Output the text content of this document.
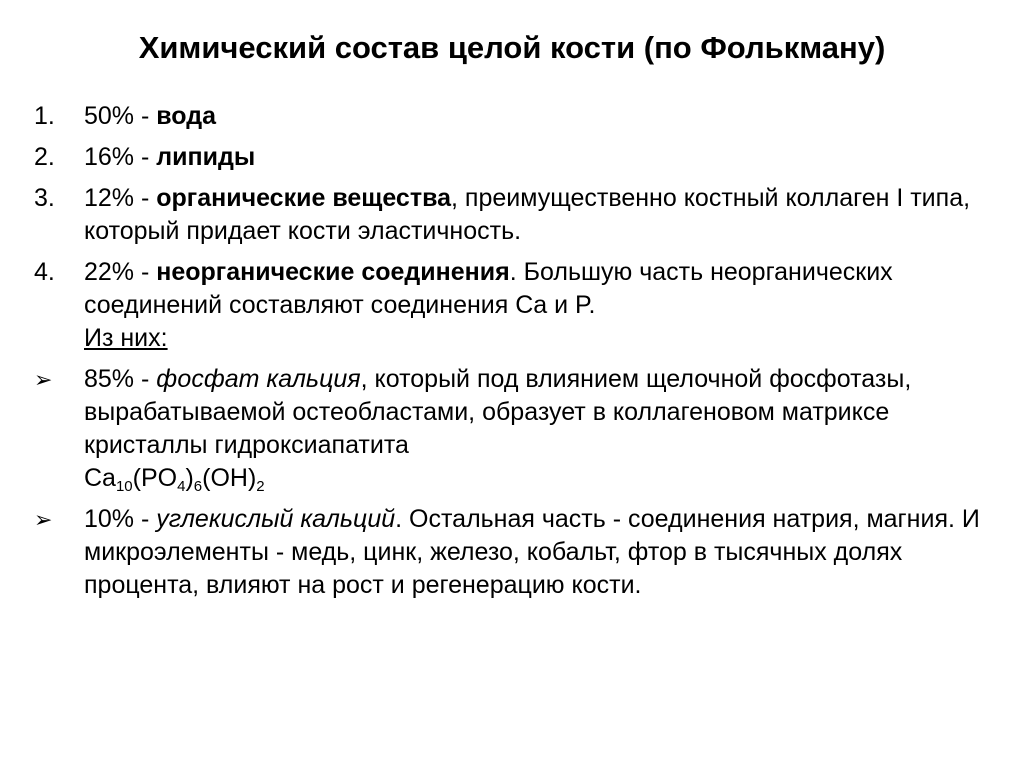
Химический состав целой кости (по Фолькману)
1. 50% - вода
2. 16% - липиды
3. 12% - органические вещества, преимущественно костный коллаген I типа, который придает кости эластичность.
4. 22% - неорганические соединения. Большую часть неорганических соединений составляют соединения Ca и P.
Из них:
➢ 85% - фосфат кальция, который под влиянием щелочной фосфотазы, вырабатываемой остеобластами, образует в коллагеновом матриксе кристаллы гидроксиапатита
$Ca_{10}(PO_4)_6(OH)_2$
➢ 10% - углекислый кальций. Остальная часть - соединения натрия, магния. И микроэлементы - медь, цинк, железо, кобальт, фтор в тысячных долях процента, влияют на рост и регенерацию кости.
